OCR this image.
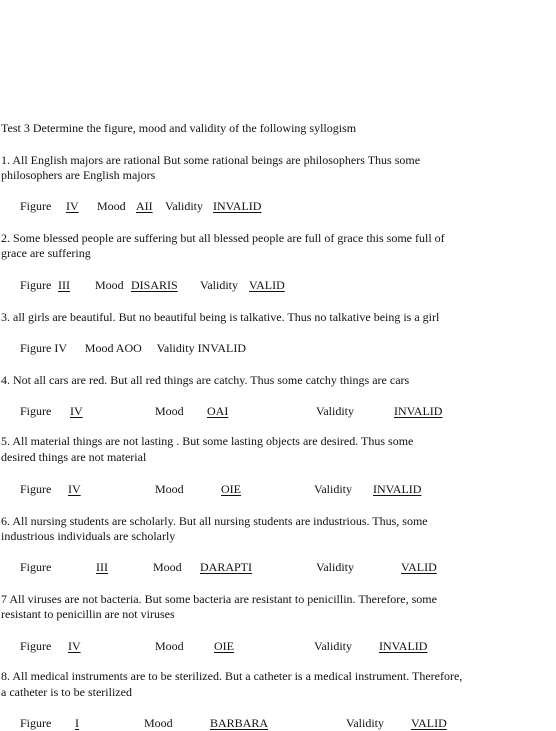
Test 3 Determine the figure, mood and validity of the following syllogism
1. All English majors are rational But some rational beings are philosophers Thus some
philosophers are English majors
Figure IV Mood AII Validity INVALID
2. Some blessed people are suffering but all blessed people are full of grace this some full of
grace are suffering
Figure III	Mood DISARIS Validity VALID
3. all girls are beautiful. But no beautiful being is talkative. Thus no talkative being is a girl
Figure IV      Mood AOO     Validity INVALID
4. Not all cars are red. But all red things are catchy. Thus some catchy things are cars
Figure	IV	Mood	OAI	Validity	INVALID
5. All material things are not lasting . But some lasting objects are desired. Thus some
desired things are not material
Figure	IV	Mood	OIE	Validity	INVALID
6. All nursing students are scholarly. But all nursing students are industrious. Thus, some
industrious individuals are scholarly
Figure	III	Mood	DARAPTI	Validity	VALID
7 All viruses are not bacteria. But some bacteria are resistant to penicillin. Therefore, some
resistant to penicillin are not viruses
Figure	IV	Mood	OIE	Validity	INVALID
8. All medical instruments are to be sterilized. But a catheter is a medical instrument. Therefore,
a catheter is to be sterilized
Figure	I	Mood	BARBARA	Validity	VALID
